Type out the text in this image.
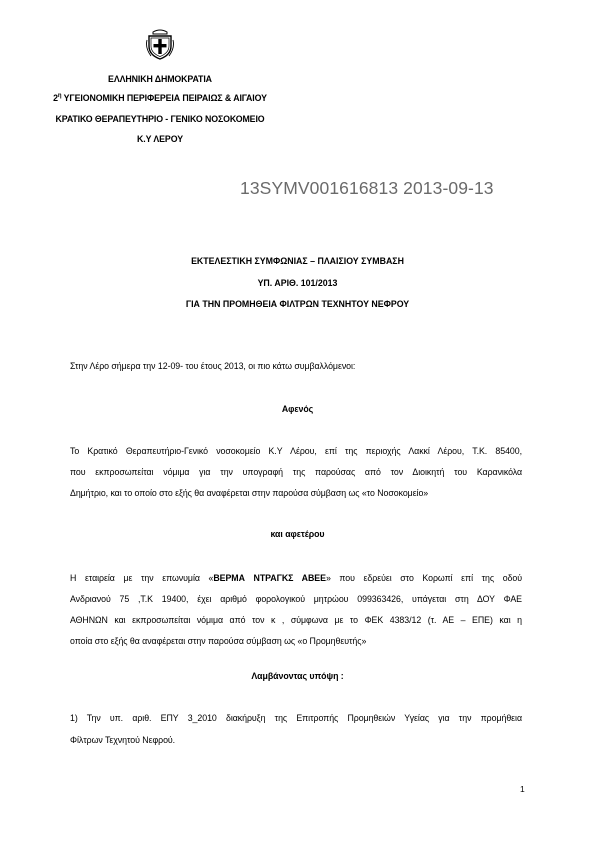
ΕΛΛΗΝΙΚΗ ΔΗΜΟΚΡΑΤΙΑ
$2^\eta$ ΥΓΕΙΟΝΟΜΙΚΗ ΠΕΡΙΦΕΡΕΙΑ ΠΕΙΡΑΙΩΣ & ΑΙΓΑΙΟΥ
ΚΡΑΤΙΚΟ ΘΕΡΑΠΕΥΤΗΡΙΟ - ΓΕΝΙΚΟ ΝΟΣΟΚΟΜΕΙΟ
Κ.Υ ΛΕΡΟΥ
13SYMV001616813 2013-09-13
ΕΚΤΕΛΕΣΤΙΚΗ ΣΥΜΦΩΝΙΑΣ – ΠΛΑΙΣΙΟΥ ΣΥΜΒΑΣΗ
ΥΠ. ΑΡΙΘ. 101/2013
ΓΙΑ ΤΗΝ ΠΡΟΜΗΘΕΙΑ ΦΙΛΤΡΩΝ ΤΕΧΝΗΤΟΥ ΝΕΦΡΟΥ
Στην Λέρο σήμερα την 12-09- του έτους 2013, οι πιο κάτω συμβαλλόμενοι:
Αφενός
Το Κρατικό Θεραπευτήριο-Γενικό νοσοκομείο Κ.Υ Λέρου, επί της περιοχής Λακκί Λέρου, Τ.Κ. 85400,
που εκπροσωπείται νόμιμα για την υπογραφή της παρούσας από τον Διοικητή του Καρανικόλα
Δημήτριο, και το οποίο στο εξής θα αναφέρεται στην παρούσα σύμβαση ως «το Νοσοκομείο»
και αφετέρου
Η εταιρεία με την επωνυμία «ΒΕΡΜΑ ΝΤΡΑΓΚΣ ΑΒΕΕ» που εδρεύει στο Κορωπί επί της οδού
Ανδριανού 75 ,Τ.Κ 19400, έχει αριθμό φορολογικού μητρώου 099363426, υπάγεται στη ΔΟΥ ΦΑΕ
ΑΘΗΝΩΝ και εκπροσωπείται νόμιμα από τον κ , σύμφωνα με το ΦΕΚ 4383/12 (τ. ΑΕ – ΕΠΕ) και η
οποία στο εξής θα αναφέρεται στην παρούσα σύμβαση ως «ο Προμηθευτής»
Λαμβάνοντας υπόψη :
1) Την υπ. αριθ. ΕΠΥ 3_2010 διακήρυξη της Επιτροπής Προμηθειών Υγείας για την προμήθεια
Φίλτρων Τεχνητού Νεφρού.
1
